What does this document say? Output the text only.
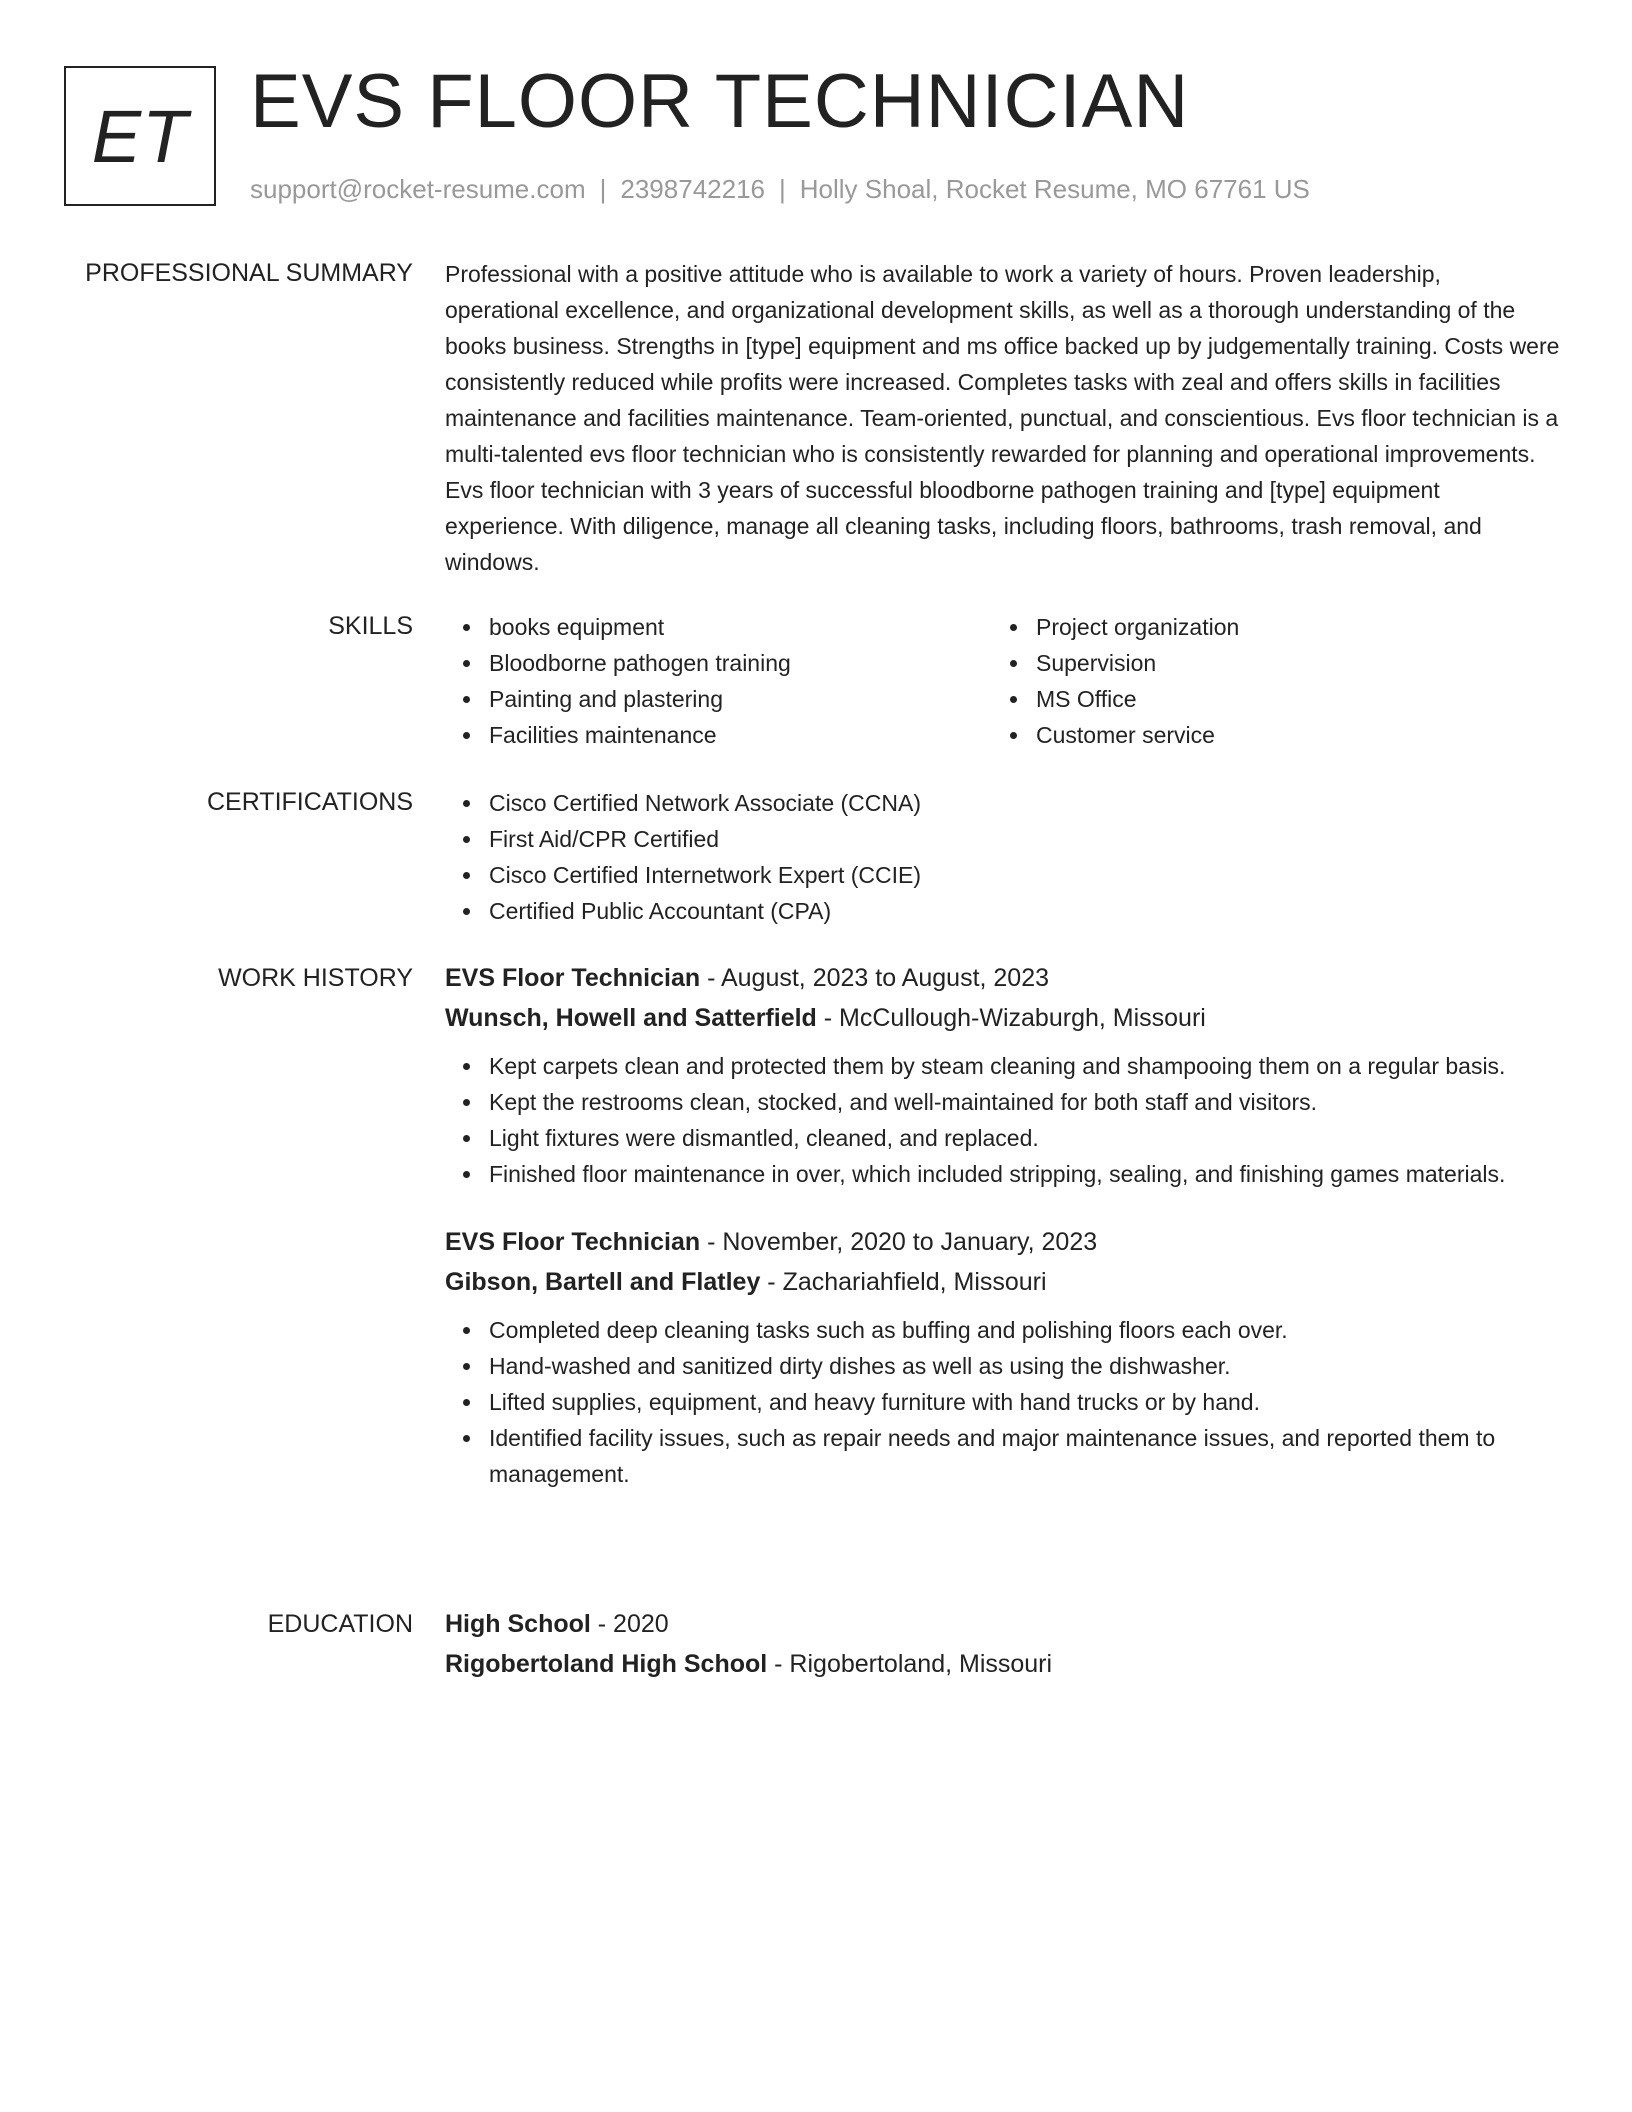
ET EVS FLOOR TECHNICIAN
support@rocket-resume.com | 2398742216 | Holly Shoal, Rocket Resume, MO 67761 US
PROFESSIONAL SUMMARY Professional with a positive attitude who is available to work a variety of hours. Proven leadership, operational excellence, and organizational development skills, as well as a thorough understanding of the books business. Strengths in [type] equipment and ms office backed up by judgementally training. Costs were consistently reduced while profits were increased. Completes tasks with zeal and offers skills in facilities maintenance and facilities maintenance. Team-oriented, punctual, and conscientious. Evs floor technician is a multi-talented evs floor technician who is consistently rewarded for planning and operational improvements. Evs floor technician with 3 years of successful bloodborne pathogen training and [type] equipment experience. With diligence, manage all cleaning tasks, including floors, bathrooms, trash removal, and windows.

SKILLS	books equipment
Bloodborne pathogen training
Painting and plastering
Facilities maintenance
Project organization
Supervision
MS Office
Customer service
CERTIFICATIONS	Cisco Certified Network Associate (CCNA)
First Aid/CPR Certified
Cisco Certified Internetwork Expert (CCIE)
Certified Public Accountant (CPA)
WORK HISTORY EVS Floor Technician - August, 2023 to August, 2023
Wunsch, Howell and Satterfield - McCullough-Wizaburgh, Missouri
Kept carpets clean and protected them by steam cleaning and shampooing them on a regular basis.
Kept the restrooms clean, stocked, and well-maintained for both staff and visitors.
Light fixtures were dismantled, cleaned, and replaced.
Finished floor maintenance in over, which included stripping, sealing, and finishing games materials.
EVS Floor Technician - November, 2020 to January, 2023
Gibson, Bartell and Flatley - Zachariahfield, Missouri
Completed deep cleaning tasks such as buffing and polishing floors each over.
Hand-washed and sanitized dirty dishes as well as using the dishwasher.
Lifted supplies, equipment, and heavy furniture with hand trucks or by hand.
Identified facility issues, such as repair needs and major maintenance issues, and reported them to management.
EDUCATION High School - 2020
Rigobertoland High School - Rigobertoland, Missouri
